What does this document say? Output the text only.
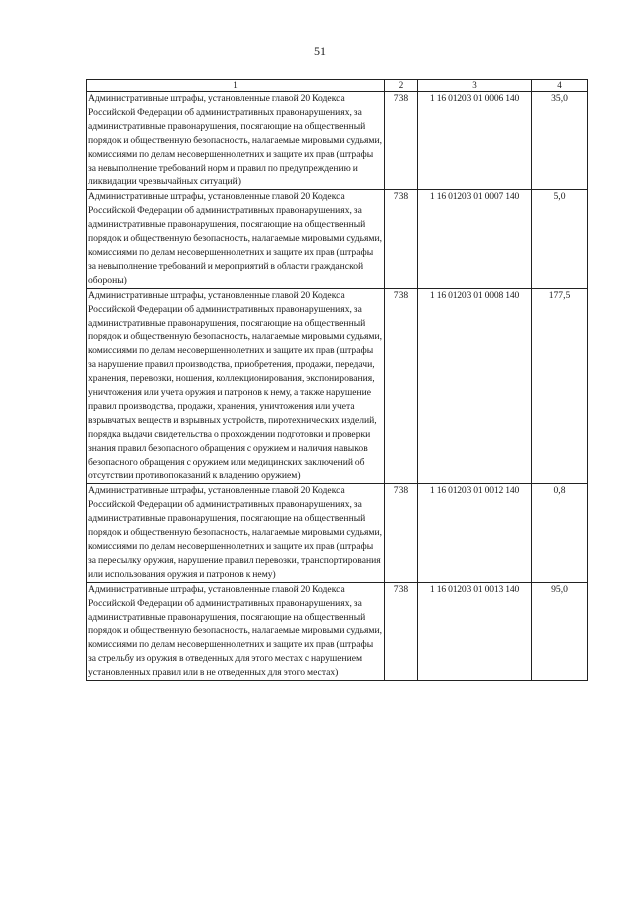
51
1	2	3	4
Административные штрафы, установленные главой 20 Кодекса Российской Федерации об административных правонарушениях, за административные правонарушения, посягающие на общественный порядок и общественную безопасность, налагаемые мировыми судьями, комиссиями по делам несовершеннолетних и защите их прав (штрафы за невыполнение требований норм и правил по предупреждению и ликвидации чрезвычайных ситуаций)	738	1 16 01203 01 0006 140	35,0
Административные штрафы, установленные главой 20 Кодекса Российской Федерации об административных правонарушениях, за административные правонарушения, посягающие на общественный порядок и общественную безопасность, налагаемые мировыми судьями, комиссиями по делам несовершеннолетних и защите их прав (штрафы за невыполнение требований и мероприятий в области гражданской обороны)	738	1 16 01203 01 0007 140	5,0
Административные штрафы, установленные главой 20 Кодекса Российской Федерации об административных правонарушениях, за административные правонарушения, посягающие на общественный порядок и общественную безопасность, налагаемые мировыми судьями, комиссиями по делам несовершеннолетних и защите их прав (штрафы за нарушение правил производства, приобретения, продажи, передачи, хранения, перевозки, ношения, коллекционирования, экспонирования, уничтожения или учета оружия и патронов к нему, а также нарушение правил производства, продажи, хранения, уничтожения или учета взрывчатых веществ и взрывных устройств, пиротехнических изделий, порядка выдачи свидетельства о прохождении подготовки и проверки знания правил безопасного обращения с оружием и наличия навыков безопасного обращения с оружием или медицинских заключений об отсутствии противопоказаний к владению оружием)	738	1 16 01203 01 0008 140	177,5
Административные штрафы, установленные главой 20 Кодекса Российской Федерации об административных правонарушениях, за административные правонарушения, посягающие на общественный порядок и общественную безопасность, налагаемые мировыми судьями, комиссиями по делам несовершеннолетних и защите их прав (штрафы за пересылку оружия, нарушение правил перевозки, транспортирования или использования оружия и патронов к нему)	738	1 16 01203 01 0012 140	0,8
Административные штрафы, установленные главой 20 Кодекса Российской Федерации об административных правонарушениях, за административные правонарушения, посягающие на общественный порядок и общественную безопасность, налагаемые мировыми судьями, комиссиями по делам несовершеннолетних и защите их прав (штрафы за стрельбу из оружия в отведенных для этого местах с нарушением установленных правил или в не отведенных для этого местах)	738	1 16 01203 01 0013 140	95,0
